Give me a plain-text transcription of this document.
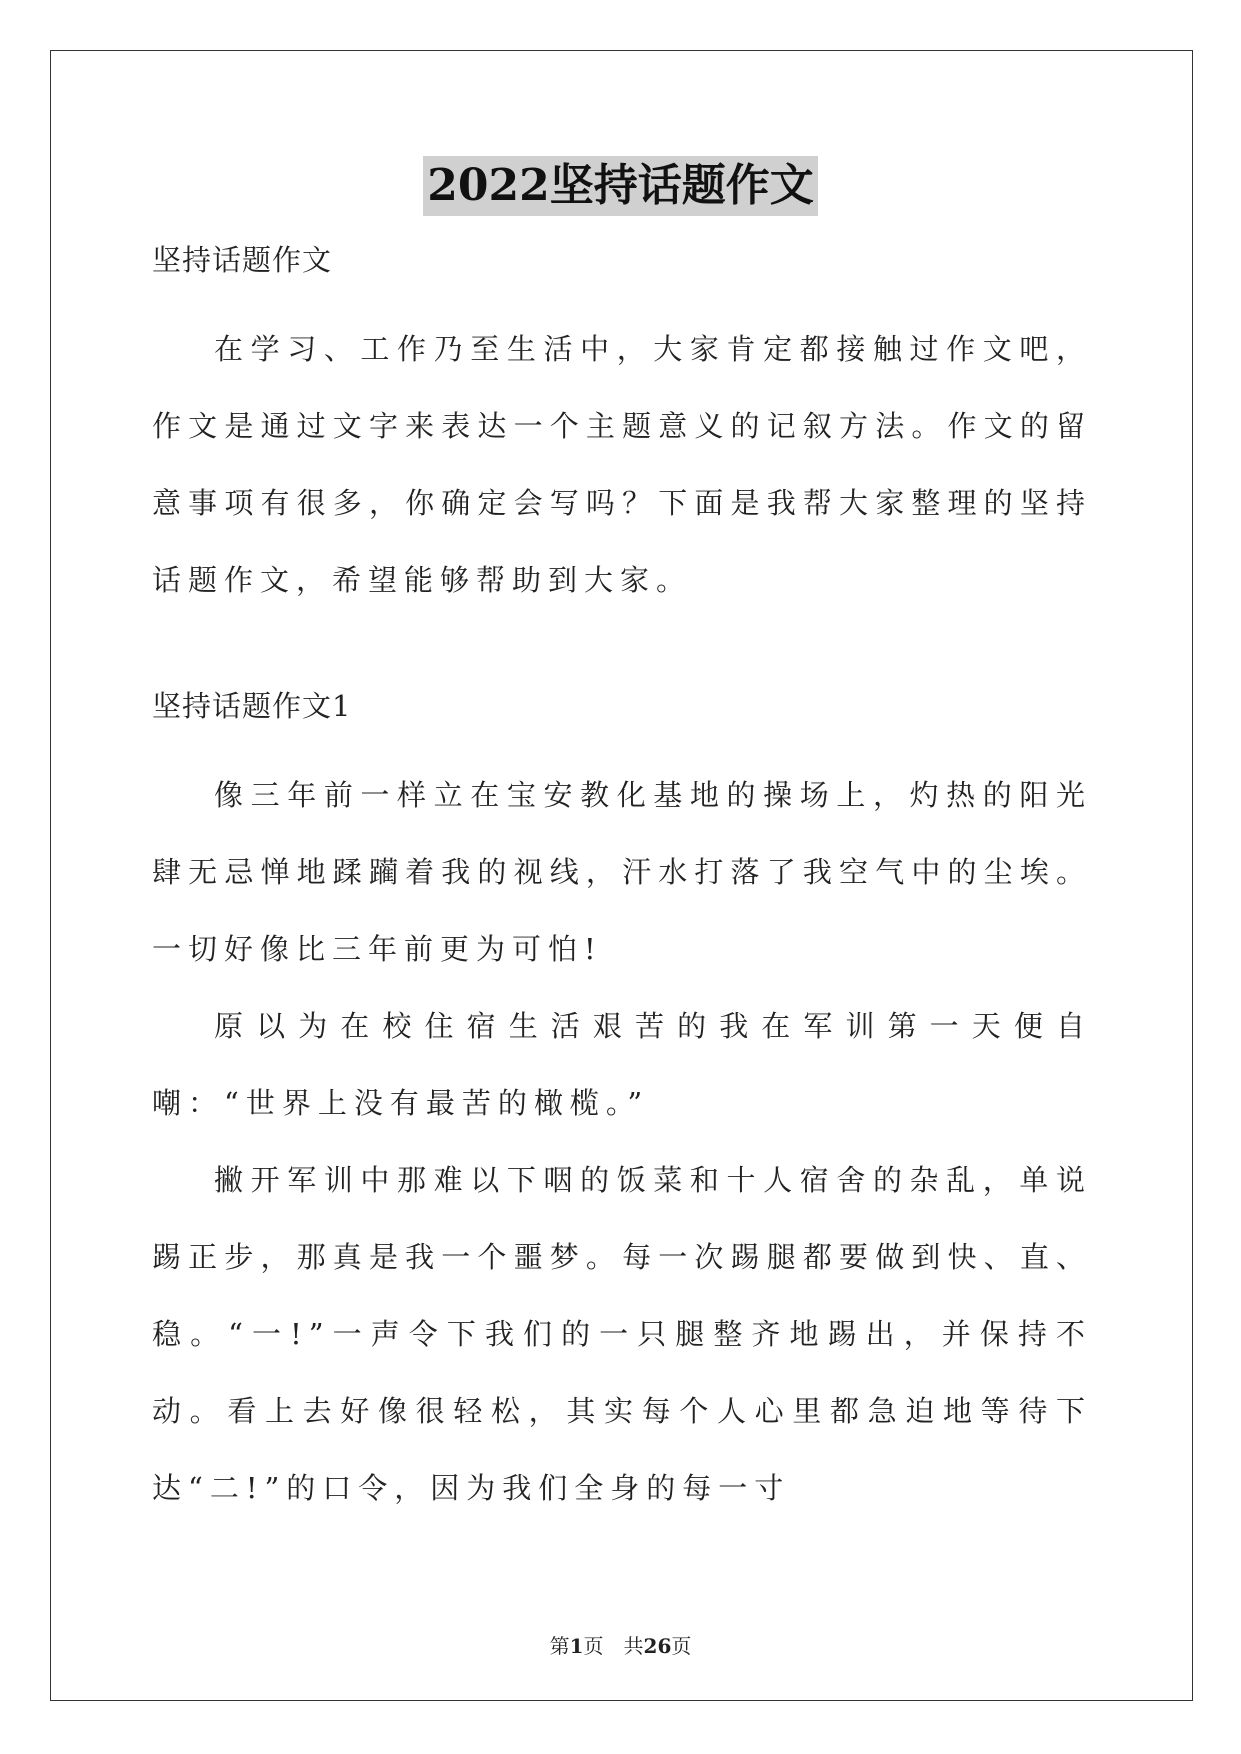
2022坚持话题作文

坚持话题作文

在学习、工作乃至生活中，大家肯定都接触过作文吧，作文是通过文字来表达一个主题意义的记叙方法。作文的留意事项有很多，你确定会写吗？下面是我帮大家整理的坚持话题作文，希望能够帮助到大家。

坚持话题作文1

像三年前一样立在宝安教化基地的操场上，灼热的阳光肆无忌惮地蹂躏着我的视线，汗水打落了我空气中的尘埃。一切好像比三年前更为可怕!

原以为在校住宿生活艰苦的我在军训第一天便自嘲：“世界上没有最苦的橄榄。”

撇开军训中那难以下咽的饭菜和十人宿舍的杂乱，单说踢正步，那真是我一个噩梦。每一次踢腿都要做到快、直、稳。“一!”一声令下我们的一只腿整齐地踢出，并保持不动。看上去好像很轻松，其实每个人心里都急迫地等待下达“二!”的口令，因为我们全身的每一寸

第1页　共26页
